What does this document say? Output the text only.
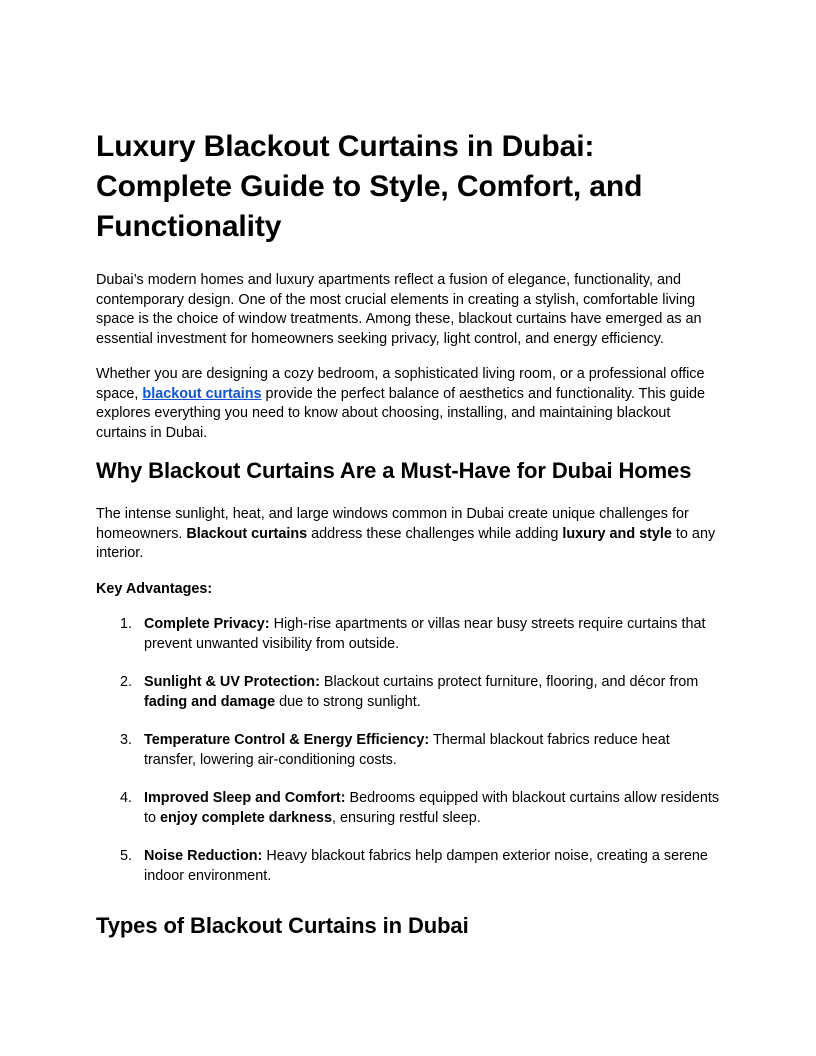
Luxury Blackout Curtains in Dubai: Complete Guide to Style, Comfort, and Functionality

Dubai’s modern homes and luxury apartments reflect a fusion of elegance, functionality, and contemporary design. One of the most crucial elements in creating a stylish, comfortable living space is the choice of window treatments. Among these, blackout curtains have emerged as an essential investment for homeowners seeking privacy, light control, and energy efficiency.

Whether you are designing a cozy bedroom, a sophisticated living room, or a professional office space, blackout curtains provide the perfect balance of aesthetics and functionality. This guide explores everything you need to know about choosing, installing, and maintaining blackout curtains in Dubai.

Why Blackout Curtains Are a Must-Have for Dubai Homes

The intense sunlight, heat, and large windows common in Dubai create unique challenges for homeowners. Blackout curtains address these challenges while adding luxury and style to any interior.

Key Advantages:

1. Complete Privacy: High-rise apartments or villas near busy streets require curtains that prevent unwanted visibility from outside.
2. Sunlight & UV Protection: Blackout curtains protect furniture, flooring, and décor from fading and damage due to strong sunlight.
3. Temperature Control & Energy Efficiency: Thermal blackout fabrics reduce heat transfer, lowering air-conditioning costs.
4. Improved Sleep and Comfort: Bedrooms equipped with blackout curtains allow residents to enjoy complete darkness, ensuring restful sleep.
5. Noise Reduction: Heavy blackout fabrics help dampen exterior noise, creating a serene indoor environment.
Types of Blackout Curtains in Dubai
